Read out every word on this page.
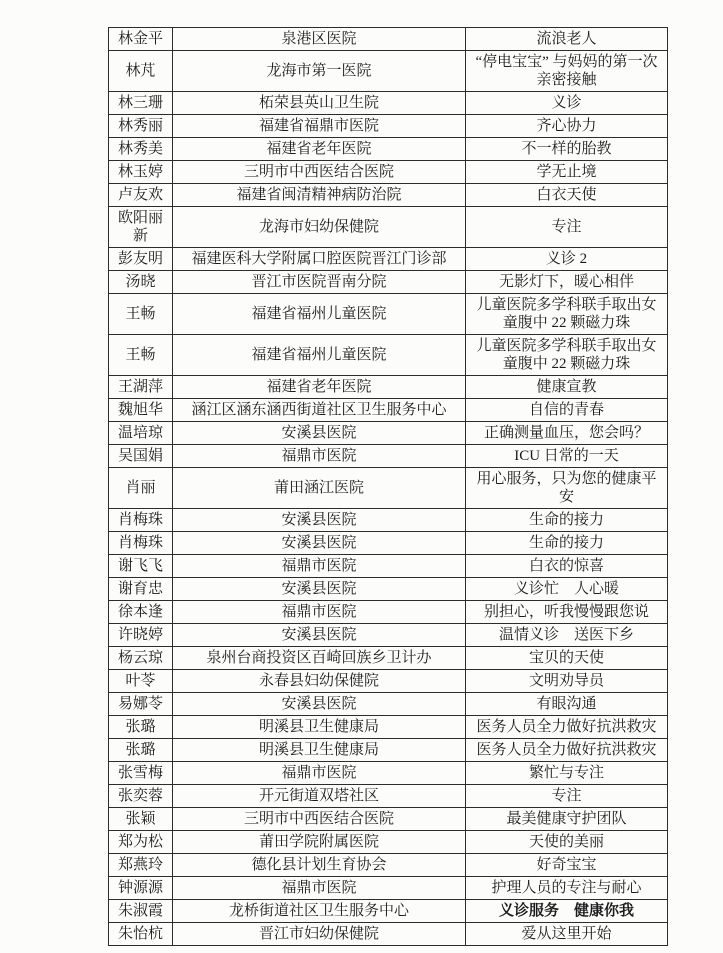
林金平	泉港区医院	流浪老人
林芃	龙海市第一医院	“停电宝宝” 与妈妈的第一次亲密接触
林三珊	柘荣县英山卫生院	义诊
林秀丽	福建省福鼎市医院	齐心协力
林秀美	福建省老年医院	不一样的胎教
林玉婷	三明市中西医结合医院	学无止境
卢友欢	福建省闽清精神病防治院	白衣天使
欧阳丽新	龙海市妇幼保健院	专注
彭友明	福建医科大学附属口腔医院晋江门诊部	义诊 2
汤晓	晋江市医院晋南分院	无影灯下，暖心相伴
王畅	福建省福州儿童医院	儿童医院多学科联手取出女童腹中 22 颗磁力珠
王畅	福建省福州儿童医院	儿童医院多学科联手取出女童腹中 22 颗磁力珠
王湖萍	福建省老年医院	健康宣教
魏旭华	涵江区涵东涵西街道社区卫生服务中心	自信的青春
温培琼	安溪县医院	正确测量血压，您会吗？
吴国娟	福鼎市医院	ICU 日常的一天
肖丽	莆田涵江医院	用心服务，只为您的健康平安
肖梅珠	安溪县医院	生命的接力
肖梅珠	安溪县医院	生命的接力
谢飞飞	福鼎市医院	白衣的惊喜
谢育忠	安溪县医院	义诊忙　人心暖
徐本逢	福鼎市医院	别担心，听我慢慢跟您说
许晓婷	安溪县医院	温情义诊　送医下乡
杨云琼	泉州台商投资区百崎回族乡卫计办	宝贝的天使
叶苓	永春县妇幼保健院	文明劝导员
易娜苓	安溪县医院	有眼沟通
张璐	明溪县卫生健康局	医务人员全力做好抗洪救灾
张璐	明溪县卫生健康局	医务人员全力做好抗洪救灾
张雪梅	福鼎市医院	繁忙与专注
张奕蓉	开元街道双塔社区	专注
张颖	三明市中西医结合医院	最美健康守护团队
郑为松	莆田学院附属医院	天使的美丽
郑燕玲	德化县计划生育协会	好奇宝宝
钟源源	福鼎市医院	护理人员的专注与耐心
朱淑霞	龙桥街道社区卫生服务中心	义诊服务　健康你我
朱怡杭	晋江市妇幼保健院	爱从这里开始
